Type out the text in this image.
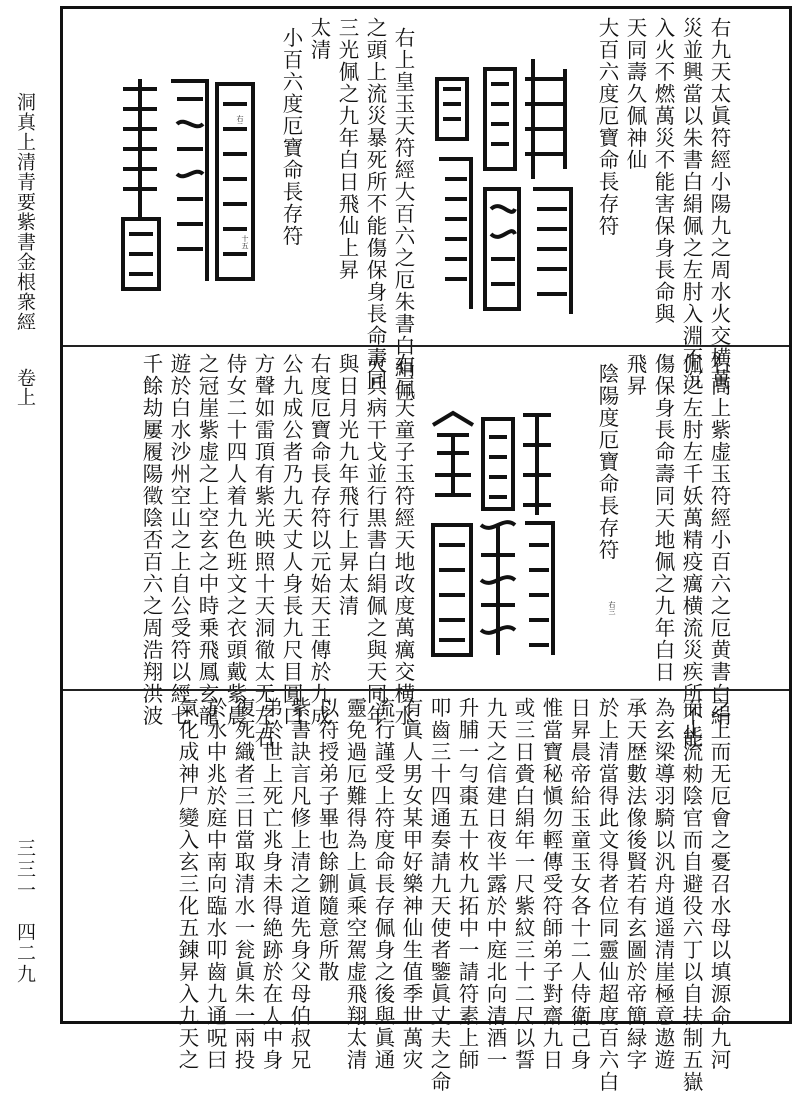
洞真上清青要紫書金根衆經
卷上
三三一　四二九
右九天太眞符經小陽九之周水火交横萬
災並興當以朱書白絹佩之左肘入淵不沉
入火不燃萬災不能害保身長命與
天同壽久佩神仙
大百六度厄寶命長存符
右上皇玉天符經大百六之厄朱書白絹佩
之頭上流災暴死所不能傷保身長命壽同
三光佩之九年白日飛仙上昇
太清
小百六度厄寶命長存符
右二
十五
右高上紫虚玉符經小百六之厄黄書白絹
佩之左肘左千妖萬精疫癘横流災疾所不能
傷保身長命壽同天地佩之九年白日
飛昇
陰陽度厄寶命長存符
右三
右三天童子玉符經天地改度萬癘交横水
火兵病干戈並行黒書白絹佩之與天同年
與日月光九年飛行上昇太清
右度厄寶命長存符以元始天王傳於九成
公九成公者乃九天丈人身長九尺目圓口
方聲如雷頂有紫光映照十天洞徹太无左右
侍女二十四人着九色班文之衣頭戴紫晨
之冠崖紫虚之上空玄之中時乗飛鳳玄龍
遊於白水沙州空山之上自公受符以經七
千餘劫屢履陽徵陰否百六之周浩翔洪波
之上而无厄會之憂召水母以填源命九河
而止流勑陰官而自避役六丁以自扶制五嶽
為玄梁導羽騎以汎舟逍遥清崖極意遨遊
承天歴數法像後賢若有玄圖於帝簡緑字
於上清當得此文得者位同靈仙超度百六白
日昇晨帝給玉童玉女各十二人侍衛己身
惟當寶秘愼勿輕傳受符師弟子對齋九日
或三日賫白絹年一尺紫紋三十二尺以誓
九天之信建日夜半露於中庭北向清酒一
升脯一勻棗五十枚九拓中一請符素上師
叩齒三十四通奏請九天使者鑒眞丈夫之命
有眞人男女某甲好樂神仙生值季世萬灾
流行謹受上符度命長存佩身之後與眞通
靈免過厄難得為上眞乘空駕虚飛翔太清
以符授弟子畢也餘鉶隨意所散
紫書訣言凡修上清之道先身父母伯叔兄
弟於世上死亡兆身未得絶跡於在人中身
復死織者三日當取清水一瓮眞朱一兩投
於水中兆於庭中南向臨水叩齒九通呪曰
氣化成神尸變入玄三化五錬昇入九天之
